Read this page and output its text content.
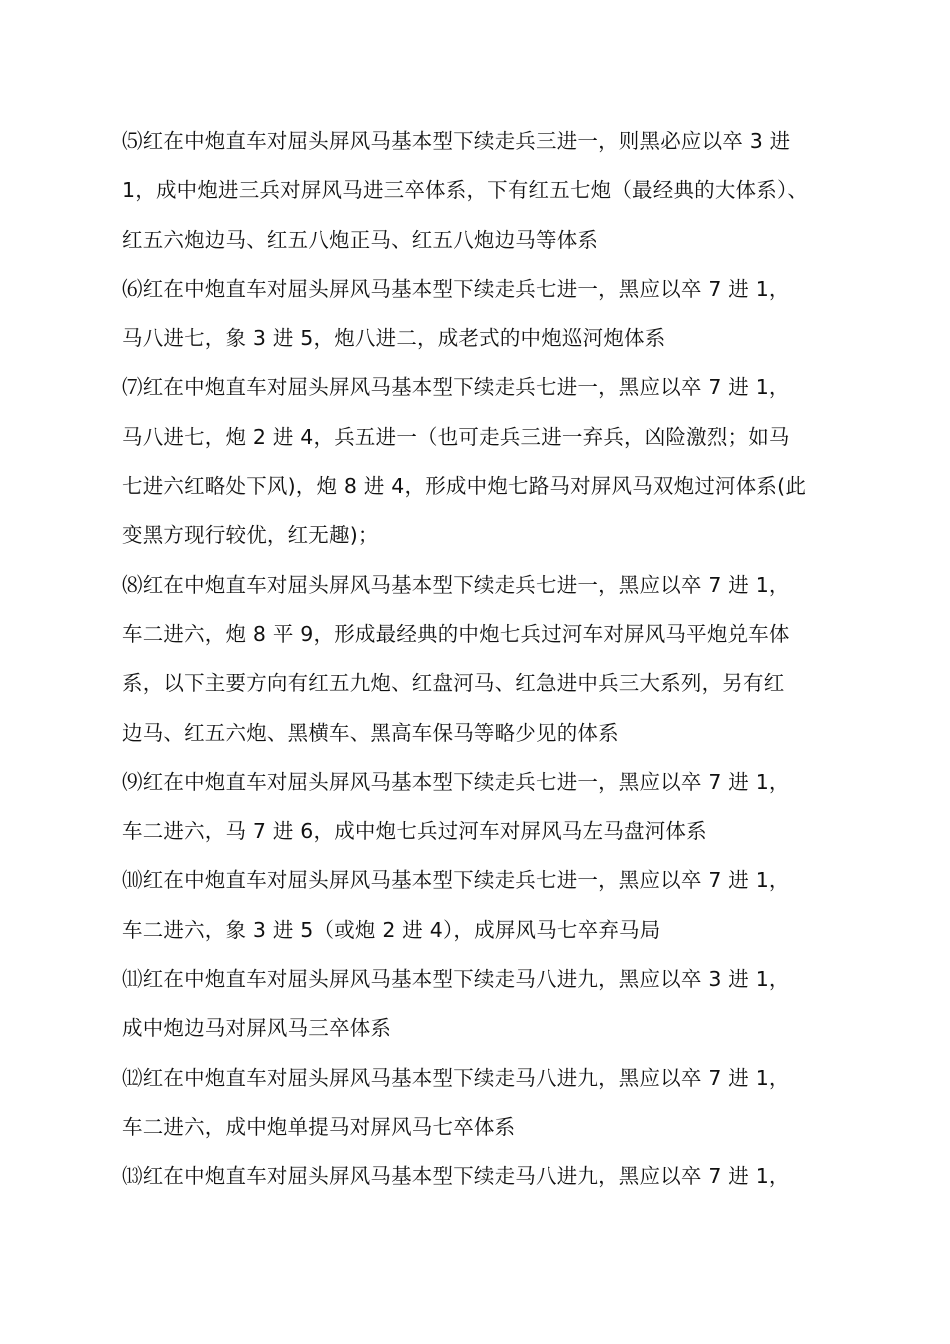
⑸红在中炮直车对屈头屏风马基本型下续走兵三进一，则黑必应以卒 3 进
1，成中炮进三兵对屏风马进三卒体系，下有红五七炮（最经典的大体系）、
红五六炮边马、红五八炮正马、红五八炮边马等体系

⑹红在中炮直车对屈头屏风马基本型下续走兵七进一，黑应以卒 7 进 1，
马八进七，象 3 进 5，炮八进二，成老式的中炮巡河炮体系

⑺红在中炮直车对屈头屏风马基本型下续走兵七进一，黑应以卒 7 进 1，
马八进七，炮 2 进 4，兵五进一（也可走兵三进一弃兵，凶险激烈；如马
七进六红略处下风)，炮 8 进 4，形成中炮七路马对屏风马双炮过河体系(此
变黑方现行较优，红无趣)；

⑻红在中炮直车对屈头屏风马基本型下续走兵七进一，黑应以卒 7 进 1，
车二进六，炮 8 平 9，形成最经典的中炮七兵过河车对屏风马平炮兑车体
系，以下主要方向有红五九炮、红盘河马、红急进中兵三大系列，另有红
边马、红五六炮、黑横车、黑高车保马等略少见的体系

⑼红在中炮直车对屈头屏风马基本型下续走兵七进一，黑应以卒 7 进 1，
车二进六，马 7 进 6，成中炮七兵过河车对屏风马左马盘河体系

⑽红在中炮直车对屈头屏风马基本型下续走兵七进一，黑应以卒 7 进 1，
车二进六，象 3 进 5（或炮 2 进 4），成屏风马七卒弃马局

⑾红在中炮直车对屈头屏风马基本型下续走马八进九，黑应以卒 3 进 1，
成中炮边马对屏风马三卒体系

⑿红在中炮直车对屈头屏风马基本型下续走马八进九，黑应以卒 7 进 1，
车二进六，成中炮单提马对屏风马七卒体系

⒀红在中炮直车对屈头屏风马基本型下续走马八进九，黑应以卒 7 进 1，
